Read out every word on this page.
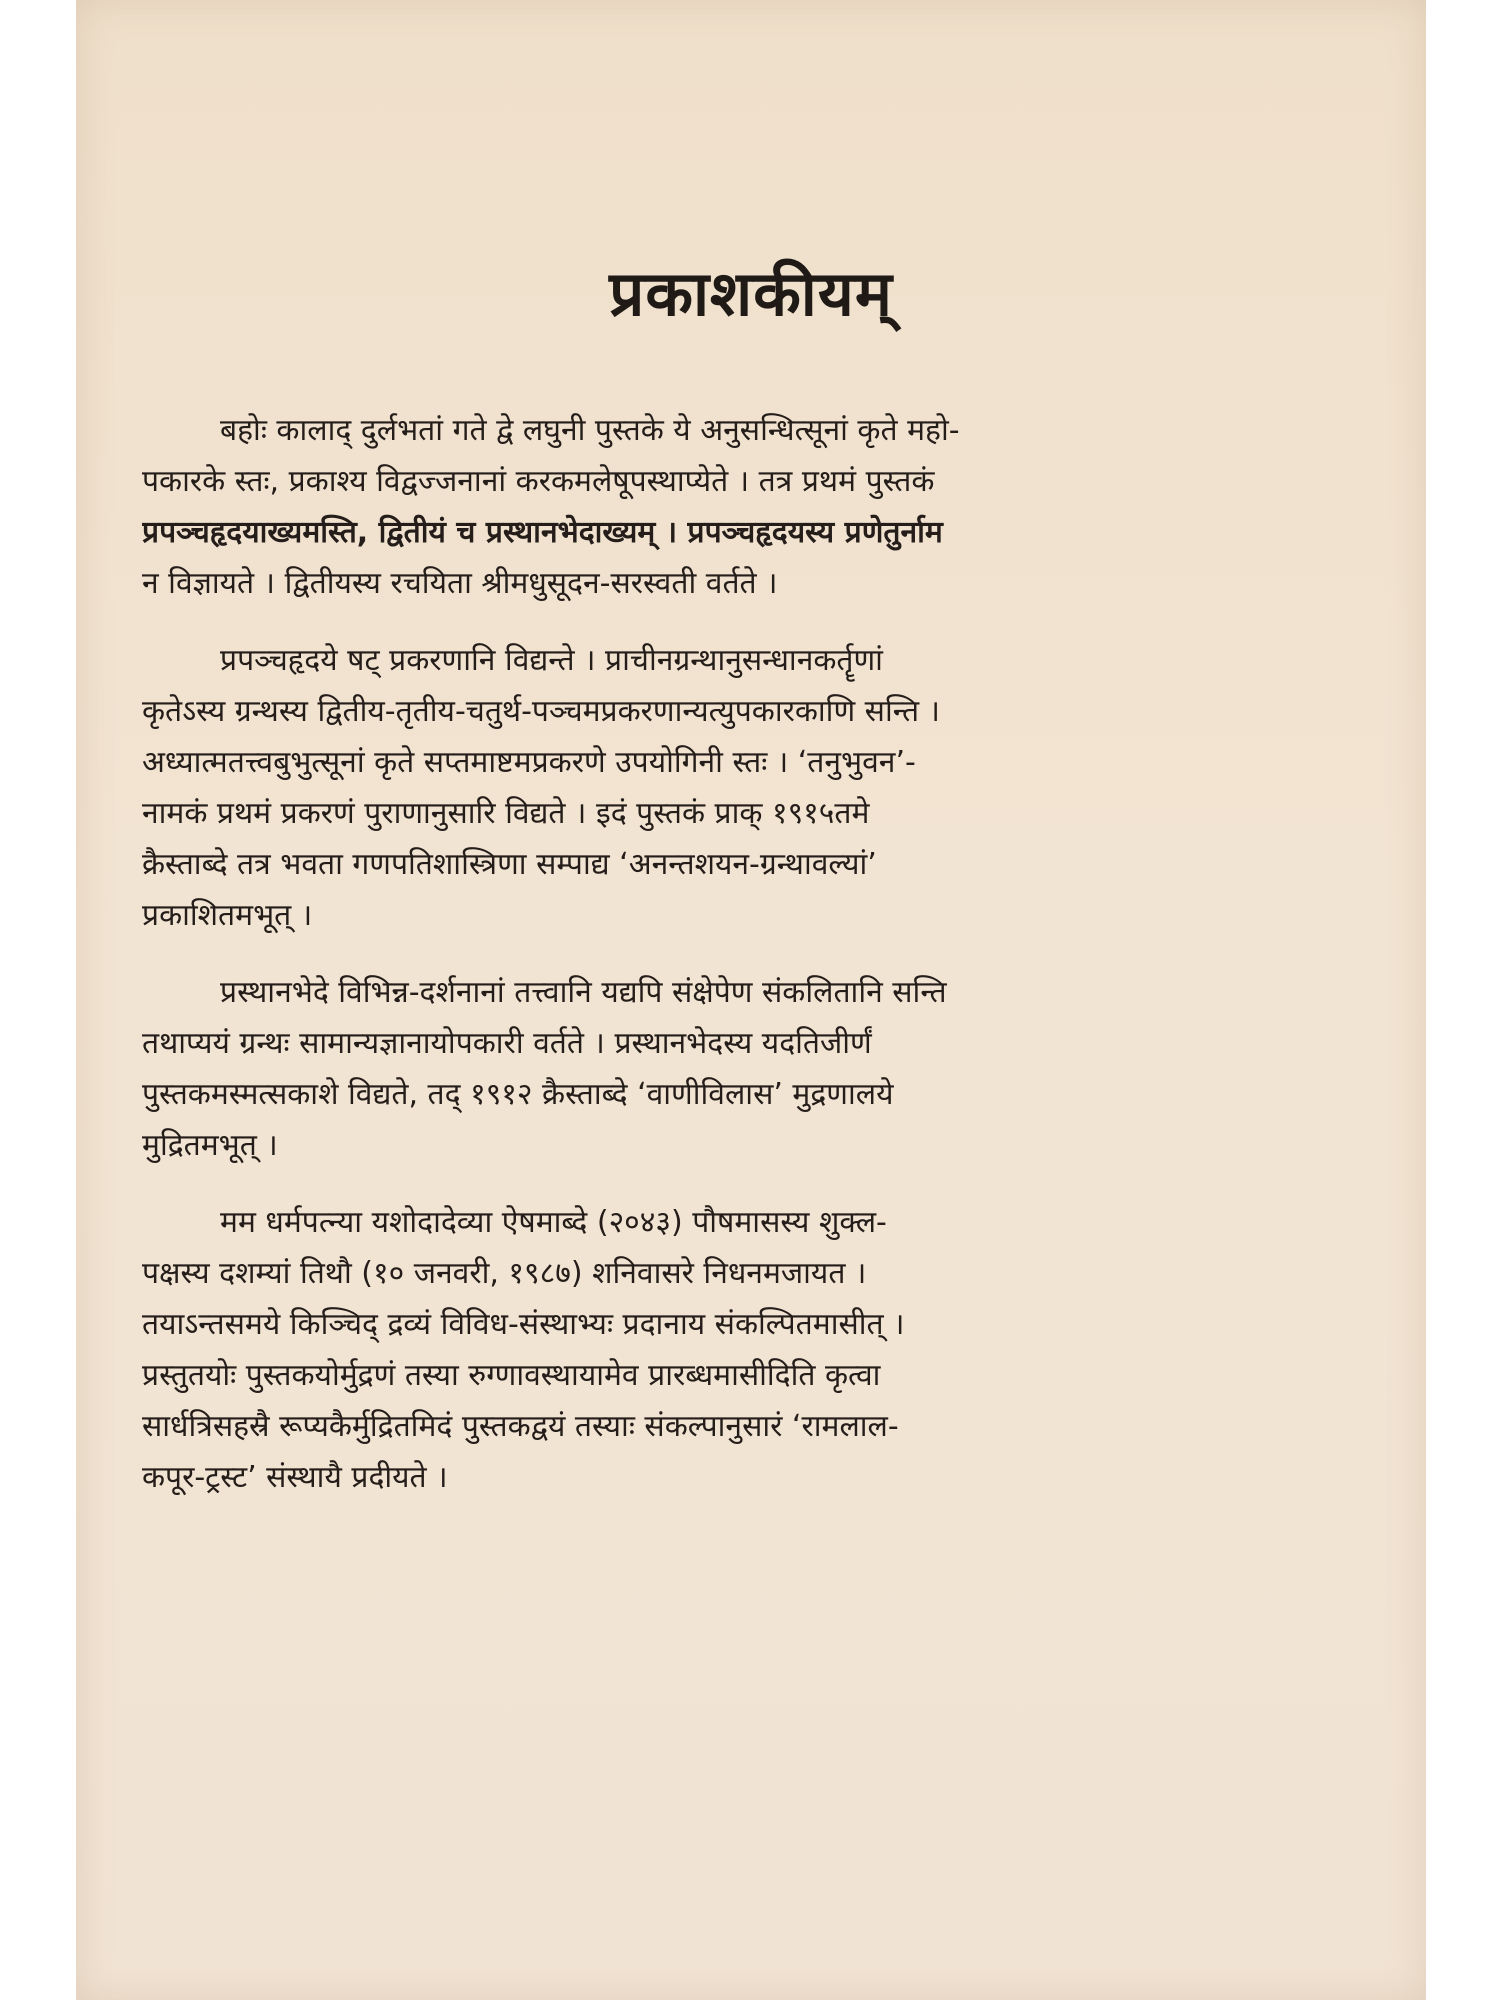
प्रकाशकीयम्
बहोः कालाद् दुर्लभतां गते द्वे लघुनी पुस्तके ये अनुसन्धित्सूनां कृते महो-
पकारके स्तः, प्रकाश्य विद्वज्जनानां करकमलेषूपस्थाप्येते । तत्र प्रथमं पुस्तकं
प्रपञ्चहृदयाख्यमस्ति, द्वितीयं च प्रस्थानभेदाख्यम् । प्रपञ्चहृदयस्य प्रणेतुर्नाम
न विज्ञायते । द्वितीयस्य रचयिता श्रीमधुसूदन-सरस्वती वर्तते ।
प्रपञ्चहृदये षट् प्रकरणानि विद्यन्ते । प्राचीनग्रन्थानुसन्धानकर्तॄणां
कृतेऽस्य ग्रन्थस्य द्वितीय-तृतीय-चतुर्थ-पञ्चमप्रकरणान्यत्युपकारकाणि सन्ति ।
अध्यात्मतत्त्वबुभुत्सूनां कृते सप्तमाष्टमप्रकरणे उपयोगिनी स्तः । ‘तनुभुवन’-
नामकं प्रथमं प्रकरणं पुराणानुसारि विद्यते । इदं पुस्तकं प्राक् १९१५तमे
क्रैस्ताब्दे तत्र भवता गणपतिशास्त्रिणा सम्पाद्य ‘अनन्तशयन-ग्रन्थावल्यां’
प्रकाशितमभूत् ।
प्रस्थानभेदे विभिन्न-दर्शनानां तत्त्वानि यद्यपि संक्षेपेण संकलितानि सन्ति
तथाप्ययं ग्रन्थः सामान्यज्ञानायोपकारी वर्तते । प्रस्थानभेदस्य यदतिजीर्णं
पुस्तकमस्मत्सकाशे विद्यते, तद् १९१२ क्रैस्ताब्दे ‘वाणीविलास’ मुद्रणालये
मुद्रितमभूत् ।
मम धर्मपत्न्या यशोदादेव्या ऐषमाब्दे (२०४३) पौषमासस्य शुक्ल-
पक्षस्य दशम्यां तिथौ (१० जनवरी, १९८७) शनिवासरे निधनमजायत ।
तयाऽन्तसमये किञ्चिद् द्रव्यं विविध-संस्थाभ्यः प्रदानाय संकल्पितमासीत् ।
प्रस्तुतयोः पुस्तकयोर्मुद्रणं तस्या रुग्णावस्थायामेव प्रारब्धमासीदिति कृत्वा
सार्धत्रिसहस्रै रूप्यकैर्मुद्रितमिदं पुस्तकद्वयं तस्याः संकल्पानुसारं ‘रामलाल-
कपूर-ट्रस्ट’ संस्थायै प्रदीयते ।
